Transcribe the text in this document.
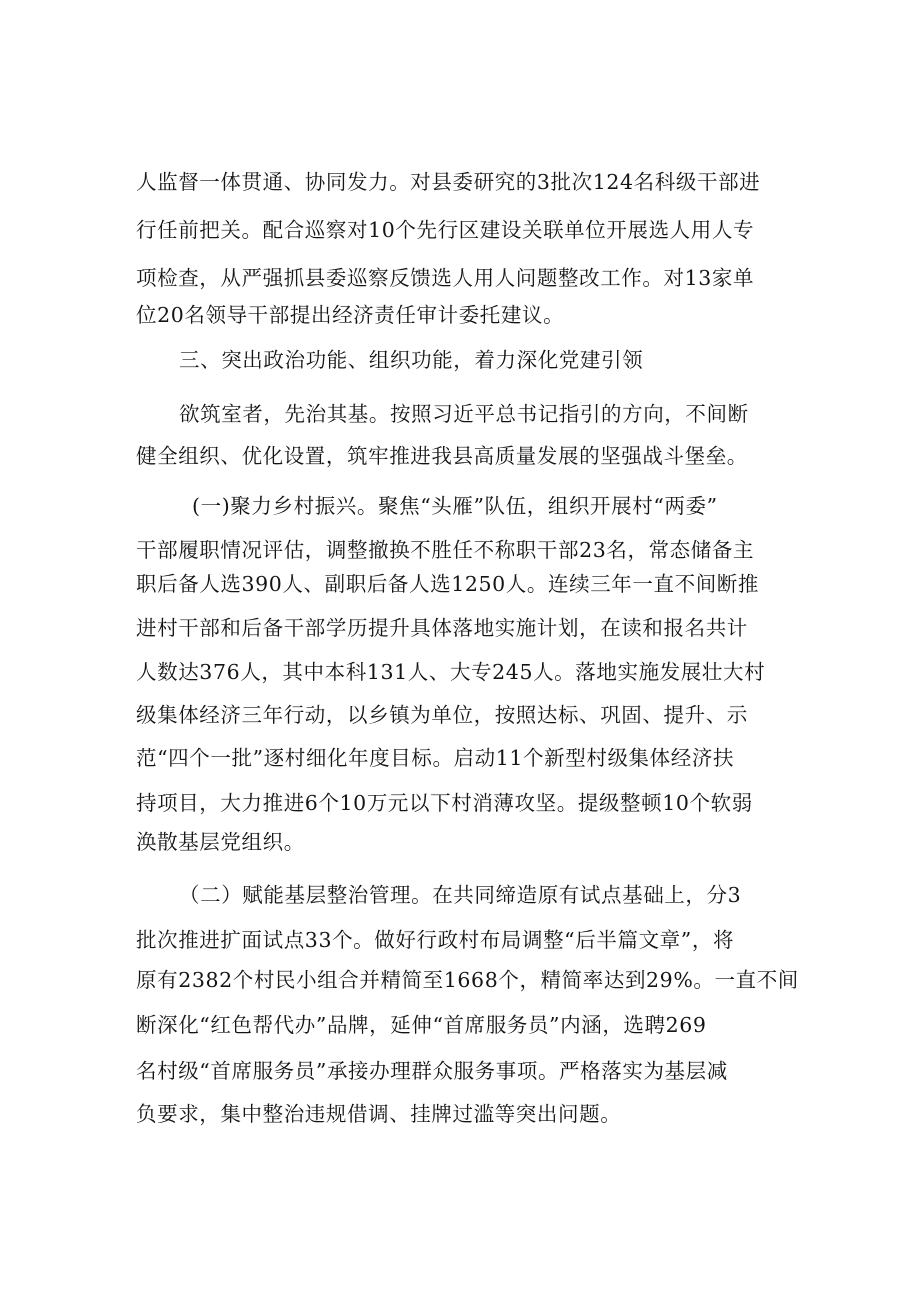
人监督一体贯通、协同发力。对县委研究的3批次124名科级干部进

行任前把关。配合巡察对10个先行区建设关联单位开展选人用人专

项检查，从严强抓县委巡察反馈选人用人问题整改工作。对13家单

位20名领导干部提出经济责任审计委托建议。

三、突出政治功能、组织功能，着力深化党建引领

欲筑室者，先治其基。按照习近平总书记指引的方向，不间断

健全组织、优化设置，筑牢推进我县高质量发展的坚强战斗堡垒。

(一)聚力乡村振兴。聚焦“头雁”队伍，组织开展村“两委”

干部履职情况评估，调整撤换不胜任不称职干部23名，常态储备主

职后备人选390人、副职后备人选1250人。连续三年一直不间断推

进村干部和后备干部学历提升具体落地实施计划，在读和报名共计

人数达376人，其中本科131人、大专245人。落地实施发展壮大村

级集体经济三年行动，以乡镇为单位，按照达标、巩固、提升、示

范“四个一批”逐村细化年度目标。启动11个新型村级集体经济扶

持项目，大力推进6个10万元以下村消薄攻坚。提级整顿10个软弱

涣散基层党组织。

（二）赋能基层整治管理。在共同缔造原有试点基础上，分3

批次推进扩面试点33个。做好行政村布局调整“后半篇文章”，将

原有2382个村民小组合并精简至1668个，精简率达到29%。一直不间

断深化“红色帮代办”品牌，延伸“首席服务员”内涵，选聘269

名村级“首席服务员”承接办理群众服务事项。严格落实为基层减

负要求，集中整治违规借调、挂牌过滥等突出问题。
